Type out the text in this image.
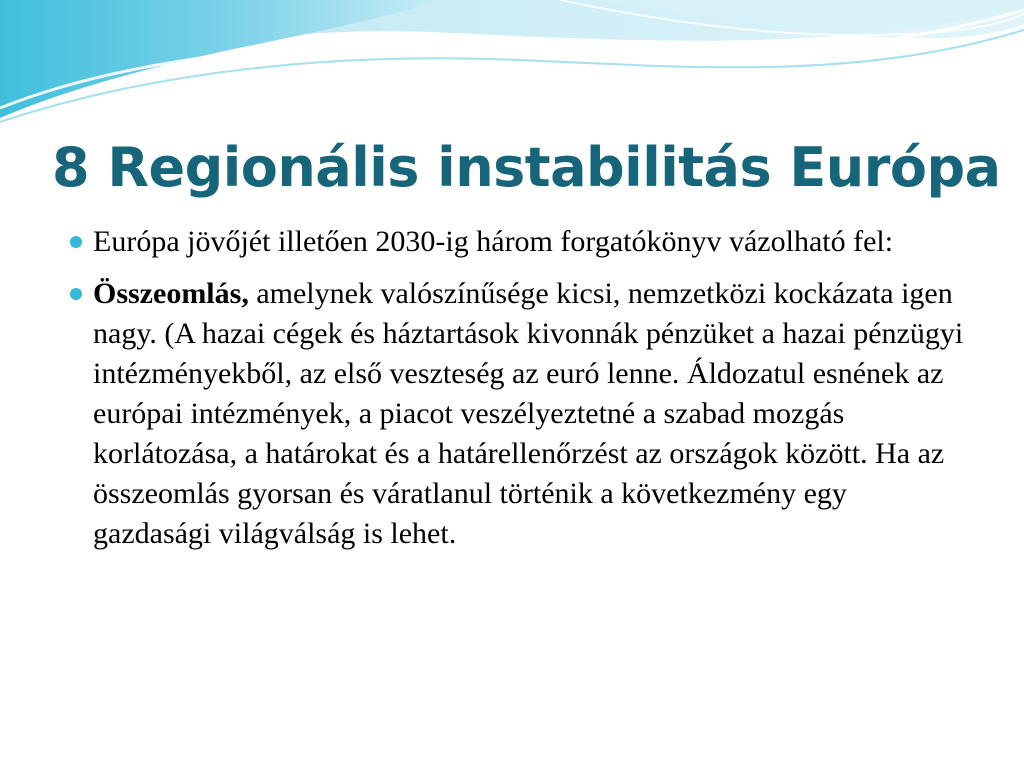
8 Regionális instabilitás Európa
Európa jövőjét illetően 2030-ig három forgatókönyv vázolható fel:
Összeomlás, amelynek valószínűsége kicsi, nemzetközi kockázata igen nagy. (A hazai cégek és háztartások kivonnák pénzüket a hazai pénzügyi intézményekből, az első veszteség az euró lenne. Áldozatul esnének az európai intézmények, a piacot veszélyeztetné a szabad mozgás korlátozása, a határokat és a határellenőrzést az országok között. Ha az összeomlás gyorsan és váratlanul történik a következmény egy gazdasági világválság is lehet.
